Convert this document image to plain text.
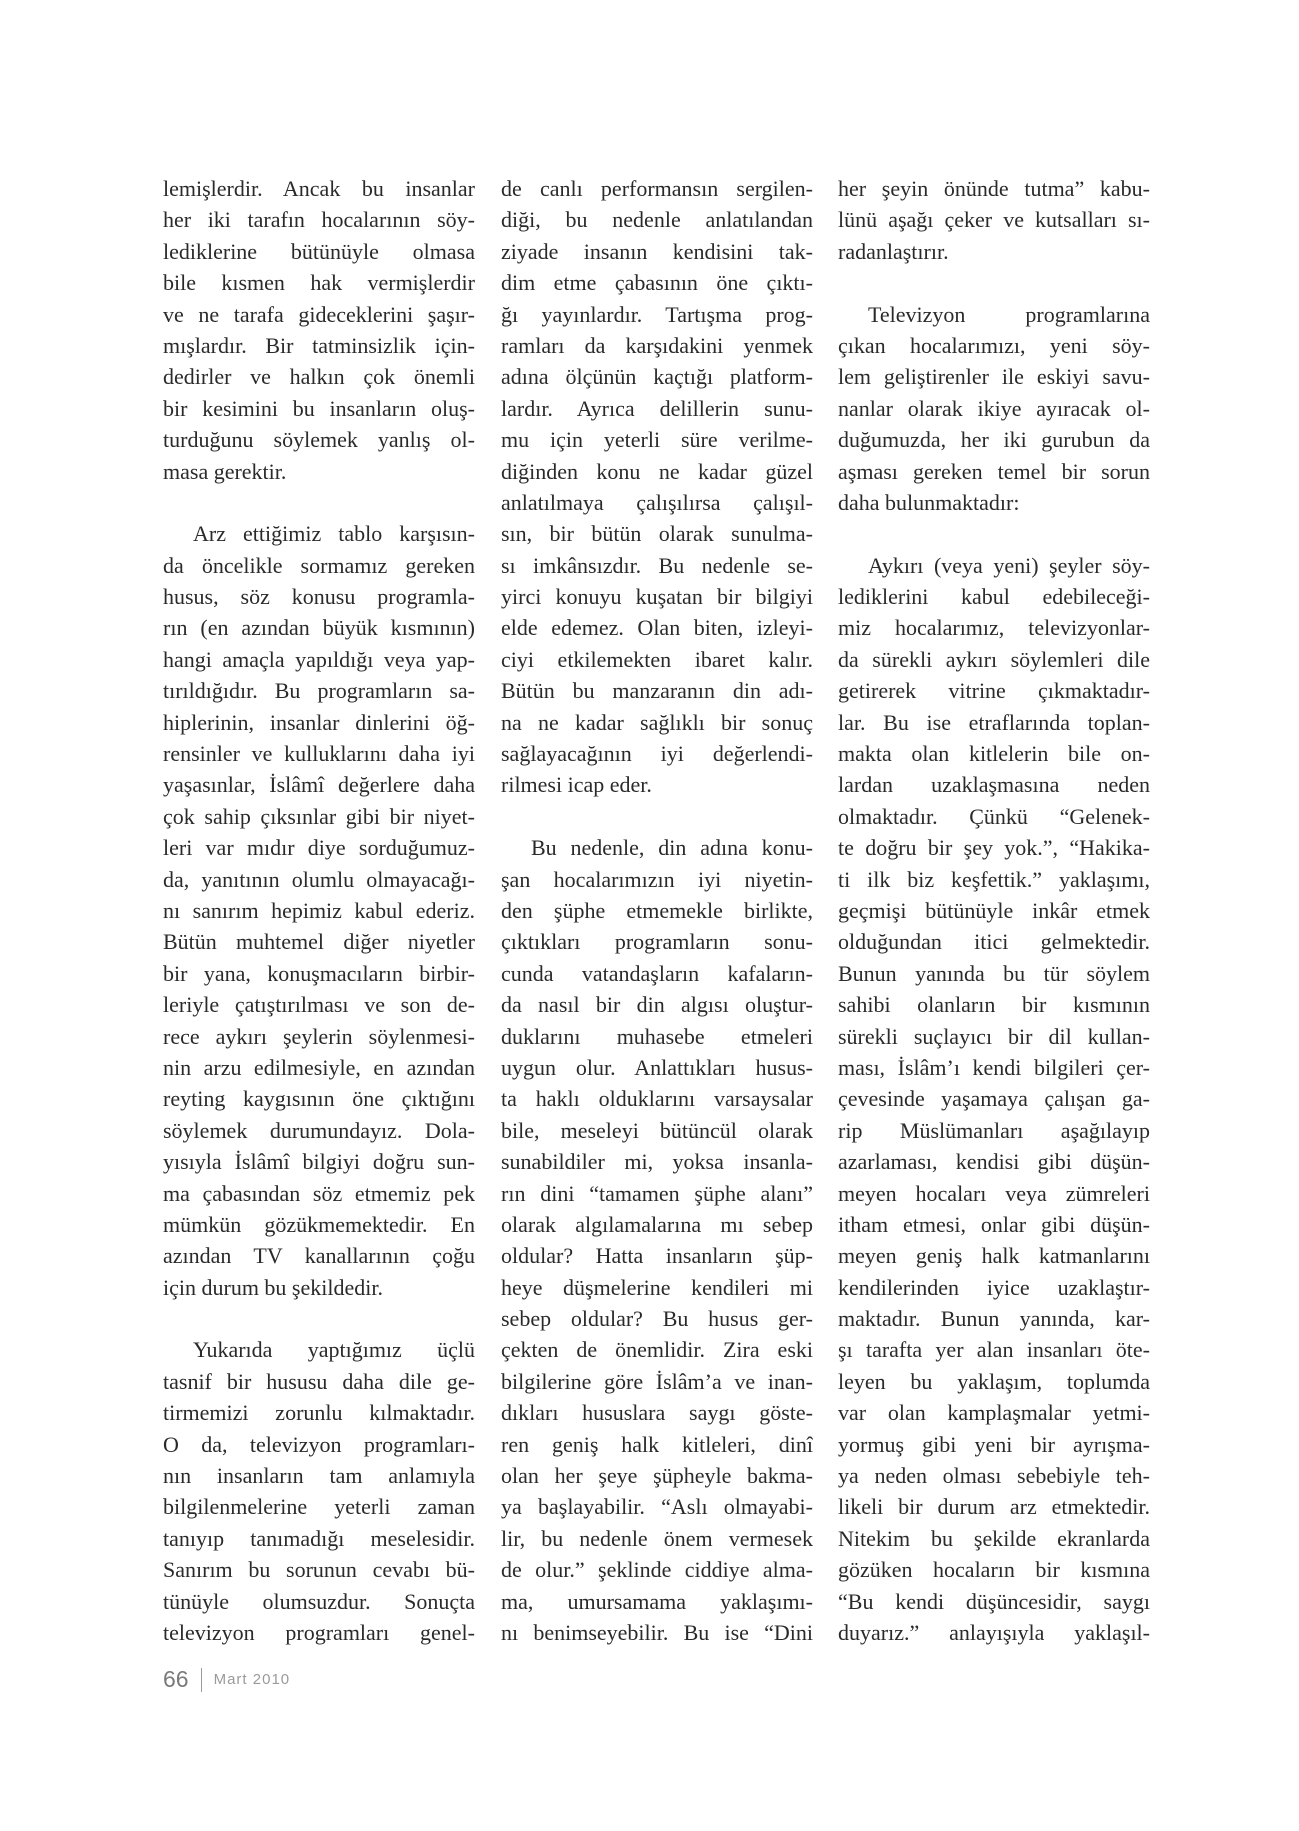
lemişlerdir. Ancak bu insanlar
her iki tarafın hocalarının söy-
lediklerine bütünüyle olmasa
bile kısmen hak vermişlerdir
ve ne tarafa gideceklerini şaşır-
mışlardır. Bir tatminsizlik için-
dedirler ve halkın çok önemli
bir kesimini bu insanların oluş-
turduğunu söylemek yanlış ol-
masa gerektir.
Arz ettiğimiz tablo karşısın-
da öncelikle sormamız gereken
husus, söz konusu programla-
rın (en azından büyük kısmının)
hangi amaçla yapıldığı veya yap-
tırıldığıdır. Bu programların sa-
hiplerinin, insanlar dinlerini öğ-
rensinler ve kulluklarını daha iyi
yaşasınlar, İslâmî değerlere daha
çok sahip çıksınlar gibi bir niyet-
leri var mıdır diye sorduğumuz-
da, yanıtının olumlu olmayacağı-
nı sanırım hepimiz kabul ederiz.
Bütün muhtemel diğer niyetler
bir yana, konuşmacıların birbir-
leriyle çatıştırılması ve son de-
rece aykırı şeylerin söylenmesi-
nin arzu edilmesiyle, en azından
reyting kaygısının öne çıktığını
söylemek durumundayız. Dola-
yısıyla İslâmî bilgiyi doğru sun-
ma çabasından söz etmemiz pek
mümkün gözükmemektedir. En
azından TV kanallarının çoğu
için durum bu şekildedir.
Yukarıda yaptığımız üçlü
tasnif bir hususu daha dile ge-
tirmemizi zorunlu kılmaktadır.
O da, televizyon programları-
nın insanların tam anlamıyla
bilgilenmelerine yeterli zaman
tanıyıp tanımadığı meselesidir.
Sanırım bu sorunun cevabı bü-
tünüyle olumsuzdur. Sonuçta
televizyon programları genel-
de canlı performansın sergilen-
diği, bu nedenle anlatılandan
ziyade insanın kendisini tak-
dim etme çabasının öne çıktı-
ğı yayınlardır. Tartışma prog-
ramları da karşıdakini yenmek
adına ölçünün kaçtığı platform-
lardır. Ayrıca delillerin sunu-
mu için yeterli süre verilme-
diğinden konu ne kadar güzel
anlatılmaya çalışılırsa çalışıl-
sın, bir bütün olarak sunulma-
sı imkânsızdır. Bu nedenle se-
yirci konuyu kuşatan bir bilgiyi
elde edemez. Olan biten, izleyi-
ciyi etkilemekten ibaret kalır.
Bütün bu manzaranın din adı-
na ne kadar sağlıklı bir sonuç
sağlayacağının iyi değerlendi-
rilmesi icap eder.
Bu nedenle, din adına konu-
şan hocalarımızın iyi niyetin-
den şüphe etmemekle birlikte,
çıktıkları programların sonu-
cunda vatandaşların kafaların-
da nasıl bir din algısı oluştur-
duklarını muhasebe etmeleri
uygun olur. Anlattıkları husus-
ta haklı olduklarını varsaysalar
bile, meseleyi bütüncül olarak
sunabildiler mi, yoksa insanla-
rın dini “tamamen şüphe alanı”
olarak algılamalarına mı sebep
oldular? Hatta insanların şüp-
heye düşmelerine kendileri mi
sebep oldular? Bu husus ger-
çekten de önemlidir. Zira eski
bilgilerine göre İslâm’a ve inan-
dıkları hususlara saygı göste-
ren geniş halk kitleleri, dinî
olan her şeye şüpheyle bakma-
ya başlayabilir. “Aslı olmayabi-
lir, bu nedenle önem vermesek
de olur.” şeklinde ciddiye alma-
ma, umursamama yaklaşımı-
nı benimseyebilir. Bu ise “Dini
her şeyin önünde tutma” kabu-
lünü aşağı çeker ve kutsalları sı-
radanlaştırır.
Televizyon programlarına
çıkan hocalarımızı, yeni söy-
lem geliştirenler ile eskiyi savu-
nanlar olarak ikiye ayıracak ol-
duğumuzda, her iki gurubun da
aşması gereken temel bir sorun
daha bulunmaktadır:
Aykırı (veya yeni) şeyler söy-
lediklerini kabul edebileceği-
miz hocalarımız, televizyonlar-
da sürekli aykırı söylemleri dile
getirerek vitrine çıkmaktadır-
lar. Bu ise etraflarında toplan-
makta olan kitlelerin bile on-
lardan uzaklaşmasına neden
olmaktadır. Çünkü “Gelenek-
te doğru bir şey yok.”, “Hakika-
ti ilk biz keşfettik.” yaklaşımı,
geçmişi bütünüyle inkâr etmek
olduğundan itici gelmektedir.
Bunun yanında bu tür söylem
sahibi olanların bir kısmının
sürekli suçlayıcı bir dil kullan-
ması, İslâm’ı kendi bilgileri çer-
çevesinde yaşamaya çalışan ga-
rip Müslümanları aşağılayıp
azarlaması, kendisi gibi düşün-
meyen hocaları veya zümreleri
itham etmesi, onlar gibi düşün-
meyen geniş halk katmanlarını
kendilerinden iyice uzaklaştır-
maktadır. Bunun yanında, kar-
şı tarafta yer alan insanları öte-
leyen bu yaklaşım, toplumda
var olan kamplaşmalar yetmi-
yormuş gibi yeni bir ayrışma-
ya neden olması sebebiyle teh-
likeli bir durum arz etmektedir.
Nitekim bu şekilde ekranlarda
gözüken hocaların bir kısmına
“Bu kendi düşüncesidir, saygı
duyarız.” anlayışıyla yaklaşıl-
66 Mart 2010
